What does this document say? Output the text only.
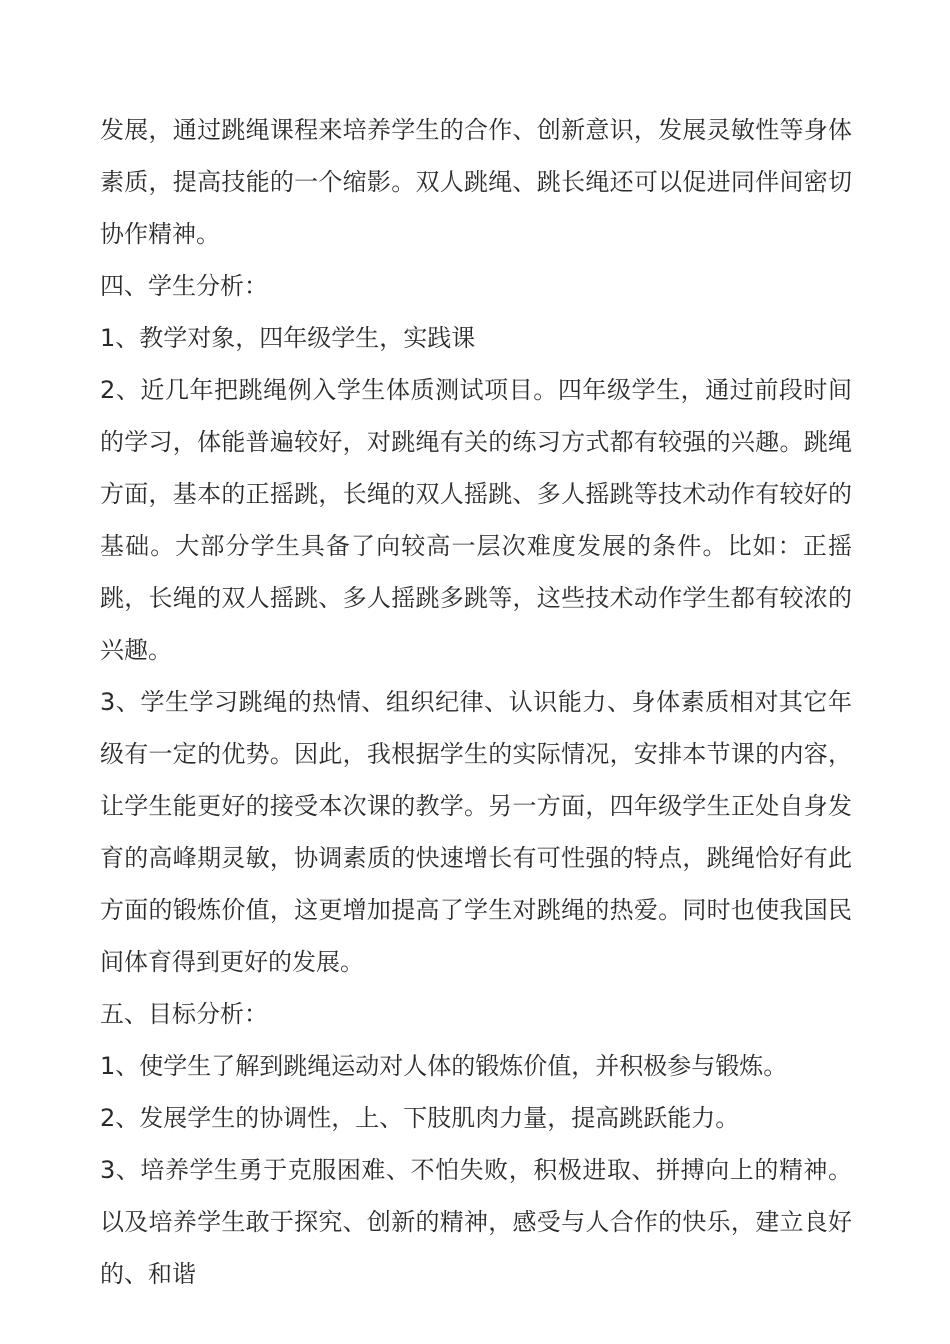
发展，通过跳绳课程来培养学生的合作、创新意识，发展灵敏性等身体素质，提高技能的一个缩影。双人跳绳、跳长绳还可以促进同伴间密切协作精神。

四、学生分析：

1、教学对象，四年级学生，实践课

2、近几年把跳绳例入学生体质测试项目。四年级学生，通过前段时间的学习，体能普遍较好，对跳绳有关的练习方式都有较强的兴趣。跳绳方面，基本的正摇跳，长绳的双人摇跳、多人摇跳等技术动作有较好的基础。大部分学生具备了向较高一层次难度发展的条件。比如：正摇跳，长绳的双人摇跳、多人摇跳多跳等，这些技术动作学生都有较浓的兴趣。

3、学生学习跳绳的热情、组织纪律、认识能力、身体素质相对其它年级有一定的优势。因此，我根据学生的实际情况，安排本节课的内容，让学生能更好的接受本次课的教学。另一方面，四年级学生正处自身发育的高峰期灵敏，协调素质的快速增长有可性强的特点，跳绳恰好有此方面的锻炼价值，这更增加提高了学生对跳绳的热爱。同时也使我国民间体育得到更好的发展。

五、目标分析：

1、使学生了解到跳绳运动对人体的锻炼价值，并积极参与锻炼。

2、发展学生的协调性，上、下肢肌肉力量，提高跳跃能力。

3、培养学生勇于克服困难、不怕失败，积极进取、拼搏向上的精神。以及培养学生敢于探究、创新的精神，感受与人合作的快乐，建立良好的、和谐
